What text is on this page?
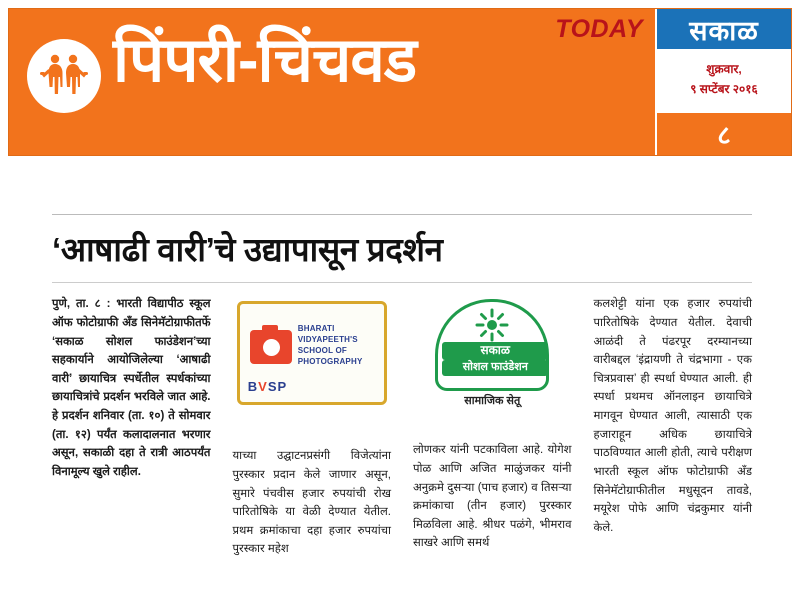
पिंपरी-चिंचवड	TODAY	सकाळ
शुक्रवार,
९ सप्टेंबर २०१६
८
‘आषाढी वारी’चे उद्यापासून प्रदर्शन

पुणे, ता. ८ : भारती विद्यापीठ स्कूल ऑफ फोटोग्राफी अँड सिनेमॅटोग्राफीतर्फे ‘सकाळ सोशल फाउंडेशन’च्या सहकार्याने आयोजिलेल्या ‘आषाढी वारी’ छायाचित्र स्पर्धेतील स्पर्धकांच्या छायाचित्रांचे प्रदर्शन भरविले जात आहे. हे प्रदर्शन शनिवार (ता. १०) ते सोमवार (ता. १२) पर्यंत कलादालनात भरणार असून, सकाळी दहा ते रात्री आठपर्यंत विनामूल्य खुले राहील.

BHARATI
VIDYAPEETH'S
SCHOOL OF
PHOTOGRAPHY
BVSP

याच्या उद्घाटनप्रसंगी विजेत्यांना पुरस्कार प्रदान केले जाणार असून, सुमारे पंचवीस हजार रुपयांची रोख पारितोषिके या वेळी देण्यात येतील. प्रथम क्रमांकाचा दहा हजार रुपयांचा पुरस्कार महेश

सकाळ
सोशल फाउंडेशन
सामाजिक सेतू

लोणकर यांनी पटकाविला आहे. योगेश पोळ आणि अजित माळुंजकर यांनी अनुक्रमे दुसऱ्या (पाच हजार) व तिसऱ्या क्रमांकाचा (तीन हजार) पुरस्कार मिळविला आहे. श्रीधर पळंगे, भीमराव साखरे आणि समर्थ

कलशेट्टी यांना एक हजार रुपयांची पारितोषिके देण्यात येतील. देवाची आळंदी ते पंढरपूर दरम्यानच्या वारीबद्दल ‘इंद्रायणी ते चंद्रभागा - एक चित्रप्रवास’ ही स्पर्धा घेण्यात आली. ही स्पर्धा प्रथमच ऑनलाइन छायाचित्रे मागवून घेण्यात आली, त्यासाठी एक हजाराहून अधिक छायाचित्रे पाठविण्यात आली होती, त्याचे परीक्षण भारती स्कूल ऑफ फोटोग्राफी अँड सिनेमॅटोग्राफीतील मधुसूदन तावडे, मयूरेश पोफे आणि चंद्रकुमार यांनी केले.
